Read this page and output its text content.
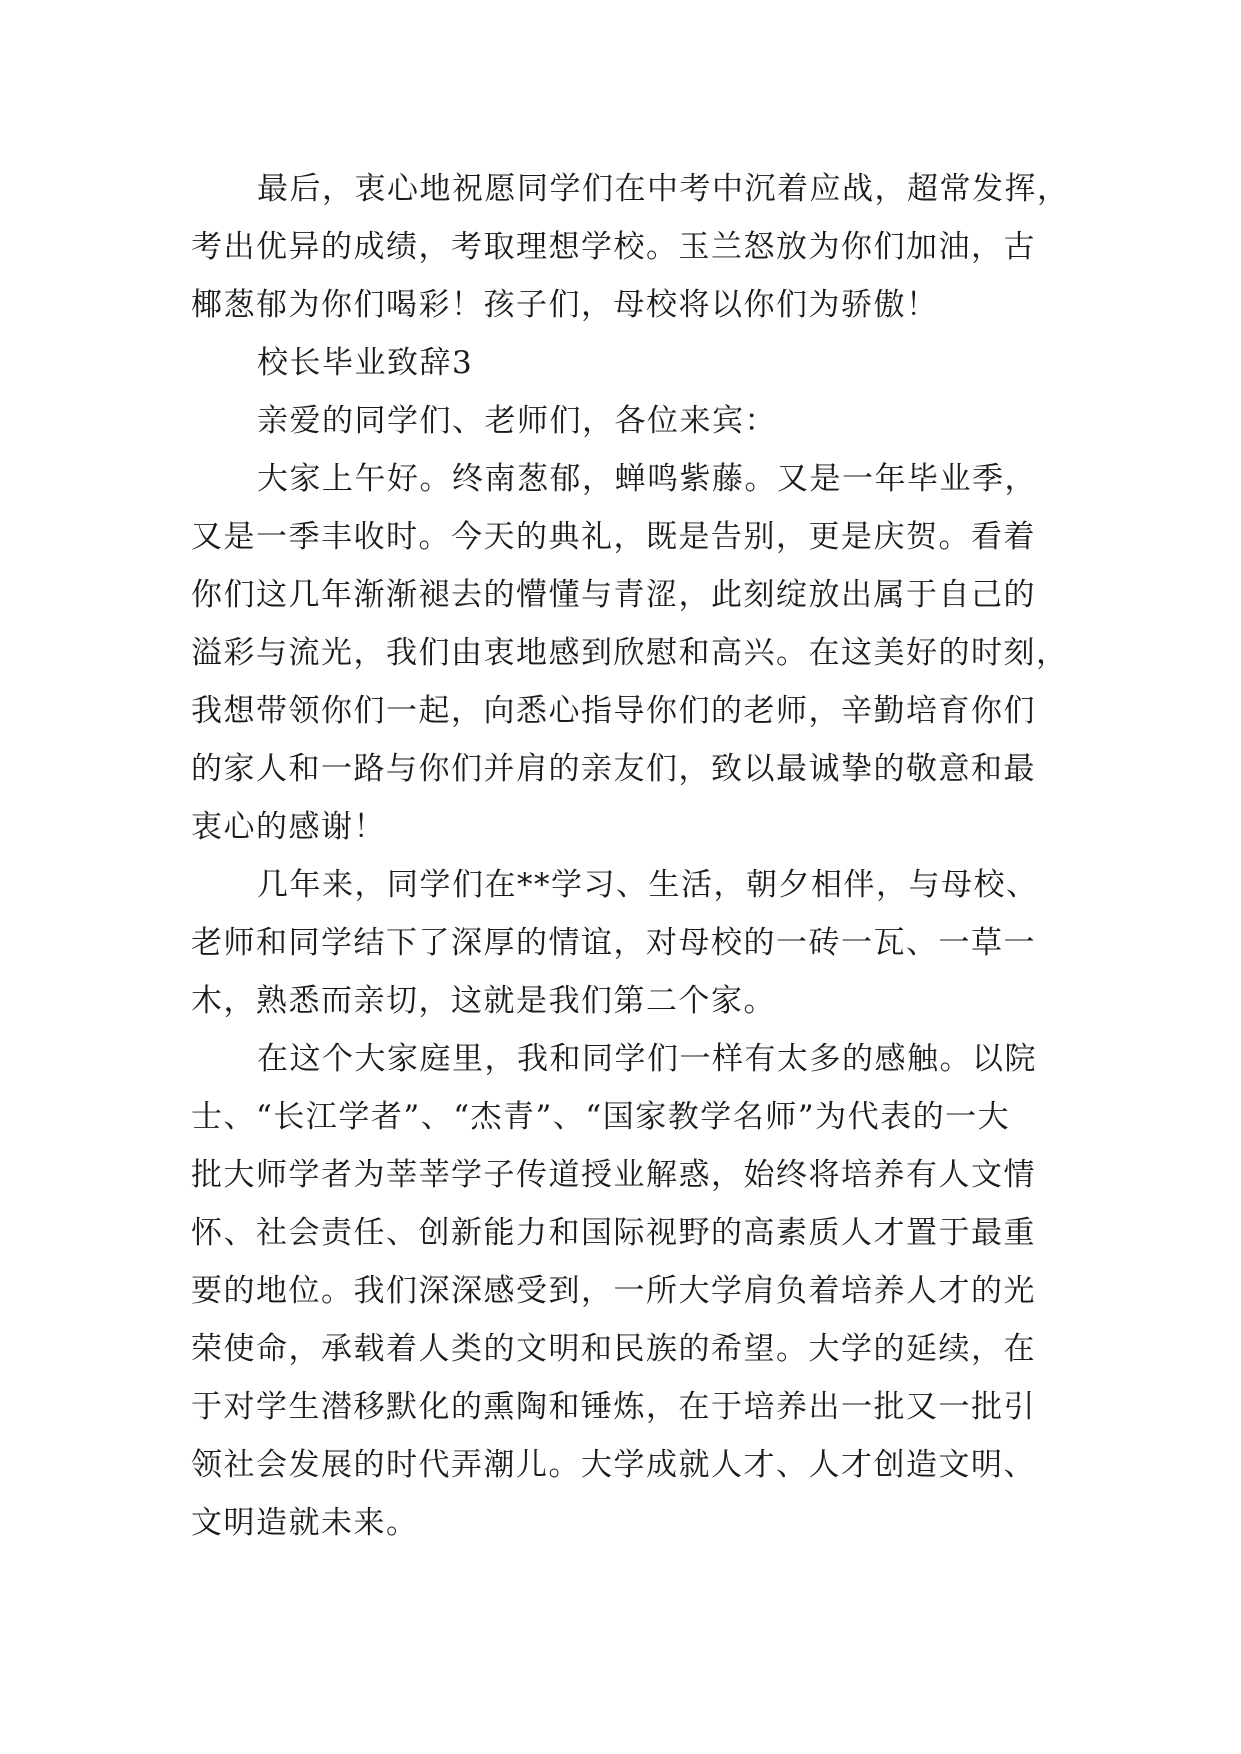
最后，衷心地祝愿同学们在中考中沉着应战，超常发挥，
考出优异的成绩，考取理想学校。玉兰怒放为你们加油，古
椰葱郁为你们喝彩！孩子们，母校将以你们为骄傲！

校长毕业致辞3

亲爱的同学们、老师们，各位来宾：

大家上午好。终南葱郁，蝉鸣紫藤。又是一年毕业季，
又是一季丰收时。今天的典礼，既是告别，更是庆贺。看着
你们这几年渐渐褪去的懵懂与青涩，此刻绽放出属于自己的
溢彩与流光，我们由衷地感到欣慰和高兴。在这美好的时刻，
我想带领你们一起，向悉心指导你们的老师，辛勤培育你们
的家人和一路与你们并肩的亲友们，致以最诚挚的敬意和最
衷心的感谢！

几年来，同学们在**学习、生活，朝夕相伴，与母校、
老师和同学结下了深厚的情谊，对母校的一砖一瓦、一草一
木，熟悉而亲切，这就是我们第二个家。

在这个大家庭里，我和同学们一样有太多的感触。以院
士、“长江学者”、“杰青”、“国家教学名师”为代表的一大
批大师学者为莘莘学子传道授业解惑，始终将培养有人文情
怀、社会责任、创新能力和国际视野的高素质人才置于最重
要的地位。我们深深感受到，一所大学肩负着培养人才的光
荣使命，承载着人类的文明和民族的希望。大学的延续，在
于对学生潜移默化的熏陶和锤炼，在于培养出一批又一批引
领社会发展的时代弄潮儿。大学成就人才、人才创造文明、
文明造就未来。
